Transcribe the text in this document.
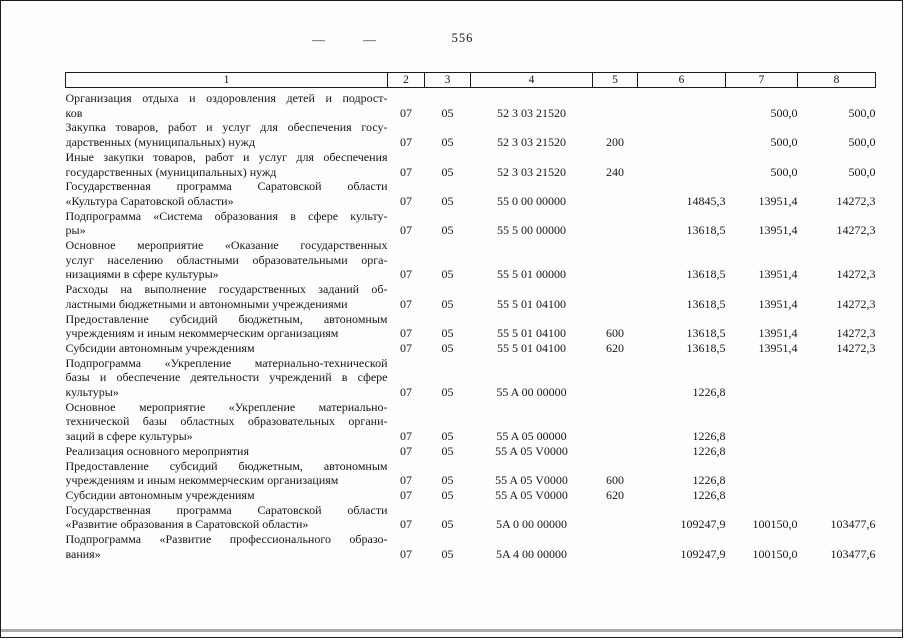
—	—	556
1	2	3	4	5	6	7	8

Организация отдыха и оздоровления детей и подрост-
ков	07	05	52 3 03 21520			500,0	500,0

Закупка товаров, работ и услуг для обеспечения госу-
дарственных (муниципальных) нужд	07	05	52 3 03 21520	200		500,0	500,0

Иные закупки товаров, работ и услуг для обеспечения
государственных (муниципальных) нужд	07	05	52 3 03 21520	240		500,0	500,0

Государственная программа Саратовской области
«Культура Саратовской области»	07	05	55 0 00 00000		14845,3	13951,4	14272,3

Подпрограмма «Система образования в сфере культу-
ры»	07	05	55 5 00 00000		13618,5	13951,4	14272,3

Основное мероприятие «Оказание государственных
услуг населению областными образовательными орга-
низациями в сфере культуры»	07	05	55 5 01 00000		13618,5	13951,4	14272,3

Расходы на выполнение государственных заданий об-
ластными бюджетными и автономными учреждениями	07	05	55 5 01 04100		13618,5	13951,4	14272,3

Предоставление субсидий бюджетным, автономным
учреждениям и иным некоммерческим организациям	07	05	55 5 01 04100	600	13618,5	13951,4	14272,3

Субсидии автономным учреждениям	07	05	55 5 01 04100	620	13618,5	13951,4	14272,3

Подпрограмма «Укрепление материально-технической
базы и обеспечение деятельности учреждений в сфере
культуры»	07	05	55 A 00 00000		1226,8		

Основное мероприятие «Укрепление материально-
технической базы областных образовательных органи-
заций в сфере культуры»	07	05	55 A 05 00000		1226,8		

Реализация основного мероприятия	07	05	55 A 05 V0000		1226,8		

Предоставление субсидий бюджетным, автономным
учреждениям и иным некоммерческим организациям	07	05	55 A 05 V0000	600	1226,8		

Субсидии автономным учреждениям	07	05	55 A 05 V0000	620	1226,8		

Государственная программа Саратовской области
«Развитие образования в Саратовской области»	07	05	5A 0 00 00000		109247,9	100150,0	103477,6

Подпрограмма «Развитие профессионального образо-
вания»	07	05	5A 4 00 00000		109247,9	100150,0	103477,6
